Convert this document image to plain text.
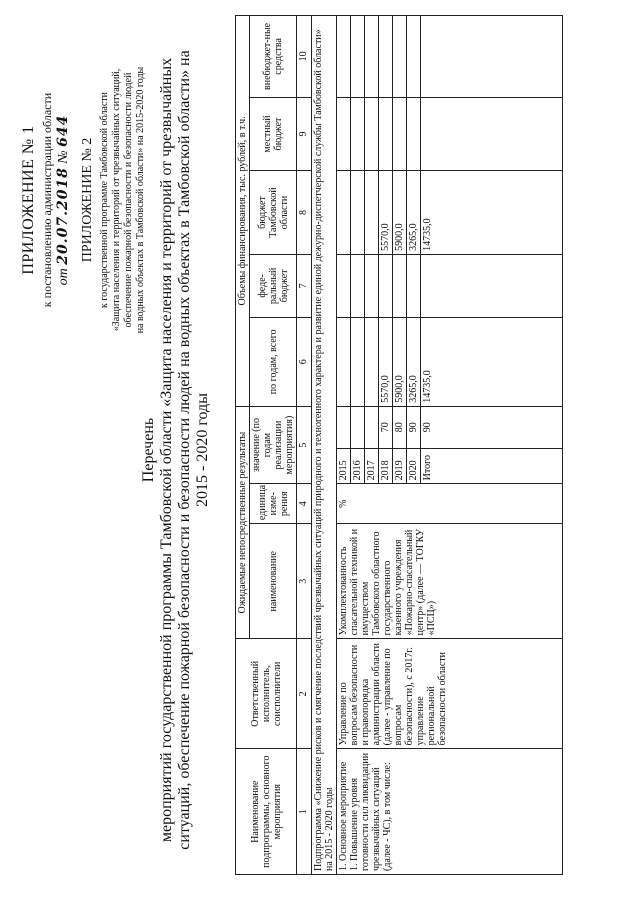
ПРИЛОЖЕНИЕ № 1 к постановлению администрации области от 20.07.2018 № 644
ПРИЛОЖЕНИЕ № 2 к государственной программе Тамбовской области «Защита населения и территорий от чрезвычайных ситуаций, обеспечение пожарной безопасности и безопасности людей на водных объектах в Тамбовской области» на 2015-2020 годы
Перечень мероприятий государственной программы Тамбовской области «Защита населения и территорий от чрезвычайных ситуаций, обеспечение пожарной безопасности и безопасности людей на водных объектах в Тамбовской области» на 2015 - 2020 годы
Наименование подпрограммы, основного мероприятия	Ответственный исполнитель, соисполнители	Ожидаемые непосредственные результаты				Объемы финансирования, тыс. рублей, в т.ч.				
		наименование	единица изме-рения	значение (по годам реализации мероприятия)		по годам, всего	феде-ральный бюджет	бюджет Тамбовской области	местный бюджет	внебюджет-ные средства
1	2	3	4	5		6	7	8	9	10
Подпрограмма «Снижение рисков и смягчение последствий чрезвычайных ситуаций природного и техногенного характера и развитие единой дежурно-диспетчерской службы Тамбовской области» на 2015 - 2020 годы										
1. Основное мероприятие 1. Повышение уровня готовности сил ликвидации чрезвычайных ситуаций (далее - ЧС), в том числе:	Управление по вопросам безопасности и правопорядка администрации области (далее - управление по вопросам безопасности), с 2017г. управление региональной безопасности области	Укомплектованность спасательной техникой и имуществом Тамбовского областного государственного казенного учреждения «Пожарно-спасательный центр» (далее — ТОГКУ «ПСЦ»)	%	2015						
				2016						
				2017						
				2018	70	5570,0		5570,0		
				2019	80	5900,0		5900,0		
				2020	90	3265,0		3265,0		
				Итого	90	14735,0		14735,0		
